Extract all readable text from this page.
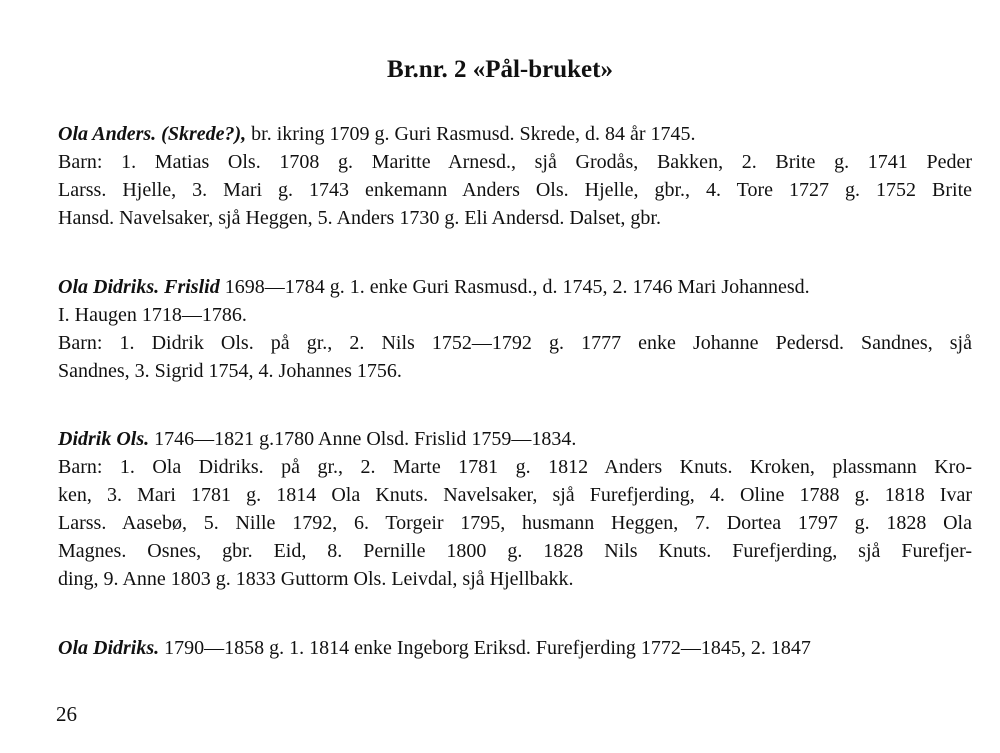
Br.nr. 2 «Pål-bruket»
Ola Anders. (Skrede?), br. ikring 1709 g. Guri Rasmusd. Skrede, d. 84 år 1745.
Barn: 1. Matias Ols. 1708 g. Maritte Arnesd., sjå Grodås, Bakken, 2. Brite g. 1741 Peder
Larss. Hjelle, 3. Mari g. 1743 enkemann Anders Ols. Hjelle, gbr., 4. Tore 1727 g. 1752 Brite
Hansd. Navelsaker, sjå Heggen, 5. Anders 1730 g. Eli Andersd. Dalset, gbr.
Ola Didriks. Frislid 1698—1784 g. 1. enke Guri Rasmusd., d. 1745, 2. 1746 Mari Johannesd.
I. Haugen 1718—1786.
Barn: 1. Didrik Ols. på gr., 2. Nils 1752—1792 g. 1777 enke Johanne Pedersd. Sandnes, sjå
Sandnes, 3. Sigrid 1754, 4. Johannes 1756.
Didrik Ols. 1746—1821 g.1780 Anne Olsd. Frislid 1759—1834.
Barn: 1. Ola Didriks. på gr., 2. Marte 1781 g. 1812 Anders Knuts. Kroken, plassmann Kro-
ken, 3. Mari 1781 g. 1814 Ola Knuts. Navelsaker, sjå Furefjerding, 4. Oline 1788 g. 1818 Ivar
Larss. Aasebø, 5. Nille 1792, 6. Torgeir 1795, husmann Heggen, 7. Dortea 1797 g. 1828 Ola
Magnes. Osnes, gbr. Eid, 8. Pernille 1800 g. 1828 Nils Knuts. Furefjerding, sjå Furefjer-
ding, 9. Anne 1803 g. 1833 Guttorm Ols. Leivdal, sjå Hjellbakk.
Ola Didriks. 1790—1858 g. 1. 1814 enke Ingeborg Eriksd. Furefjerding 1772—1845, 2. 1847

26
